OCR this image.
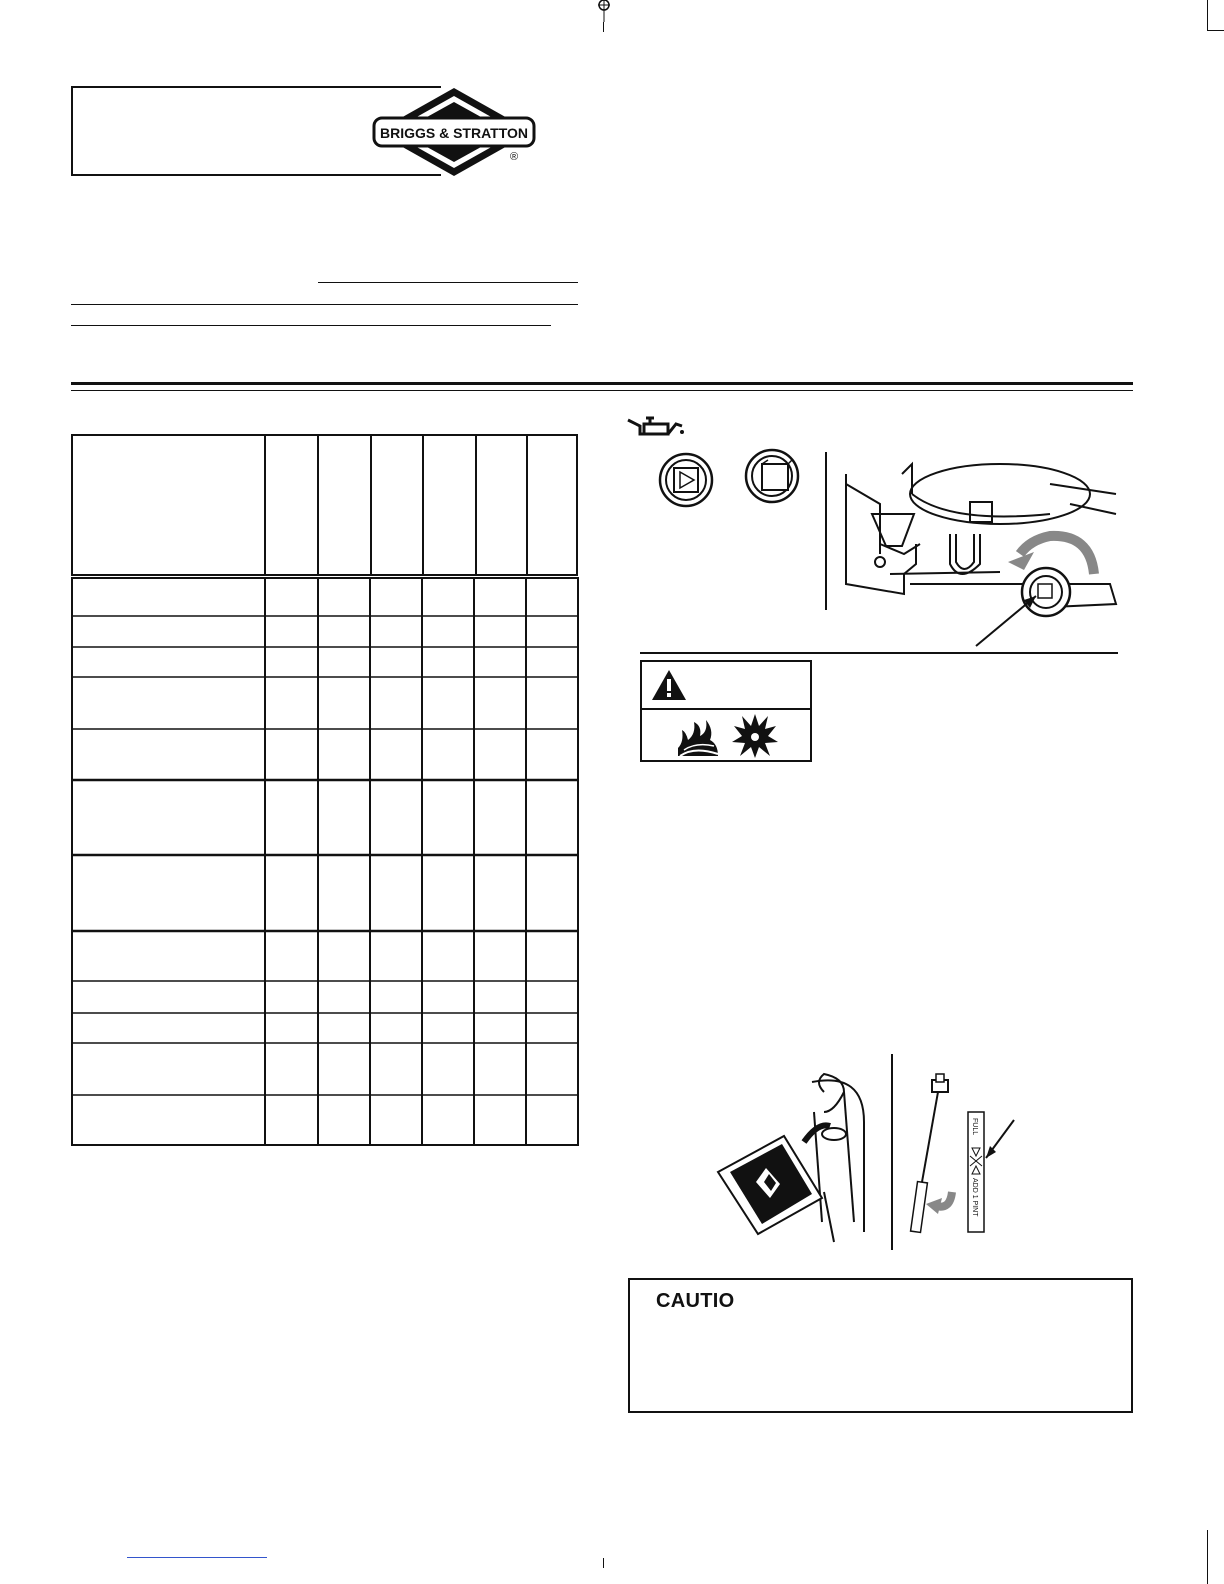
BRIGGS & STRATTON
®
FULL
ADD 1 PINT
CAUTIO
